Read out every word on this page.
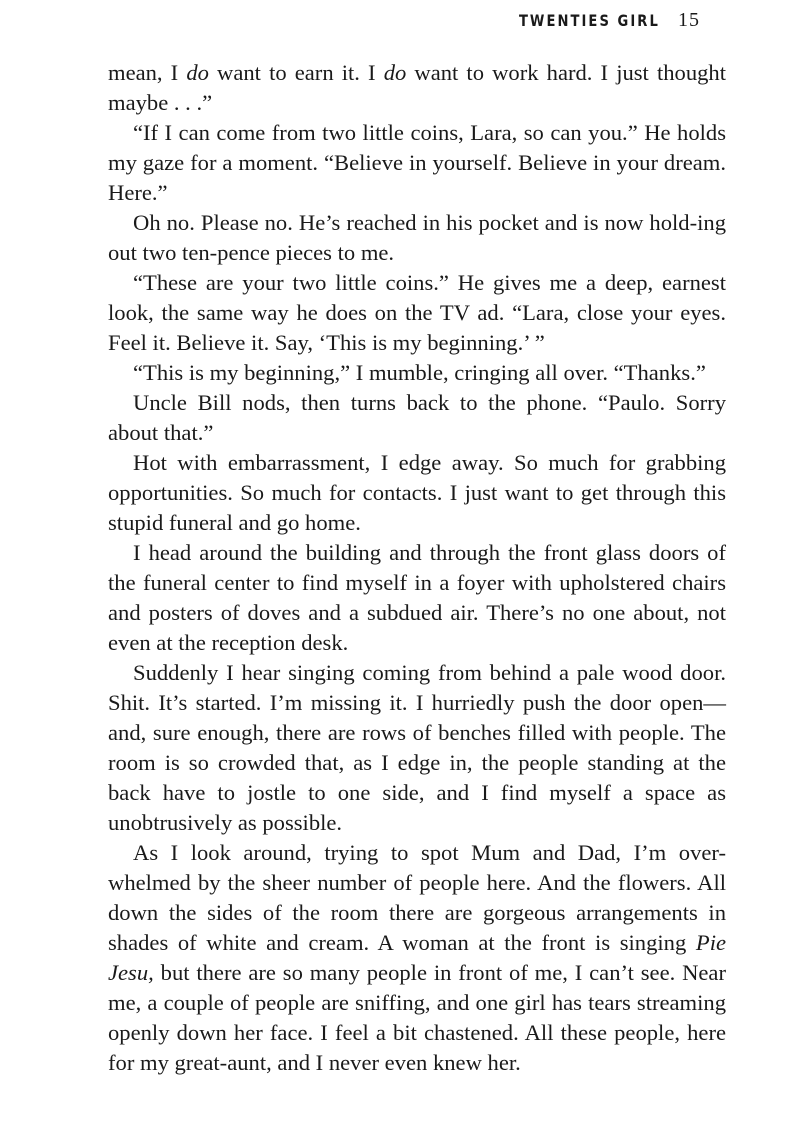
TWENTIES GIRL 15

mean, I do want to earn it. I do want to work hard. I just thought maybe . . .”

“If I can come from two little coins, Lara, so can you.” He holds my gaze for a moment. “Believe in yourself. Believe in your dream. Here.”

Oh no. Please no. He’s reached in his pocket and is now hold-ing out two ten-pence pieces to me.

“These are your two little coins.” He gives me a deep, earnest look, the same way he does on the TV ad. “Lara, close your eyes. Feel it. Believe it. Say, ‘This is my beginning.’ ”

“This is my beginning,” I mumble, cringing all over. “Thanks.”

Uncle Bill nods, then turns back to the phone. “Paulo. Sorry about that.”

Hot with embarrassment, I edge away. So much for grabbing opportunities. So much for contacts. I just want to get through this stupid funeral and go home.

I head around the building and through the front glass doors of the funeral center to find myself in a foyer with upholstered chairs and posters of doves and a subdued air. There’s no one about, not even at the reception desk.

Suddenly I hear singing coming from behind a pale wood door. Shit. It’s started. I’m missing it. I hurriedly push the door open—and, sure enough, there are rows of benches filled with people. The room is so crowded that, as I edge in, the people standing at the back have to jostle to one side, and I find myself a space as unobtrusively as possible.

As I look around, trying to spot Mum and Dad, I’m over-whelmed by the sheer number of people here. And the flowers. All down the sides of the room there are gorgeous arrangements in shades of white and cream. A woman at the front is singing Pie Jesu, but there are so many people in front of me, I can’t see. Near me, a couple of people are sniffing, and one girl has tears streaming openly down her face. I feel a bit chastened. All these people, here for my great-aunt, and I never even knew her.
